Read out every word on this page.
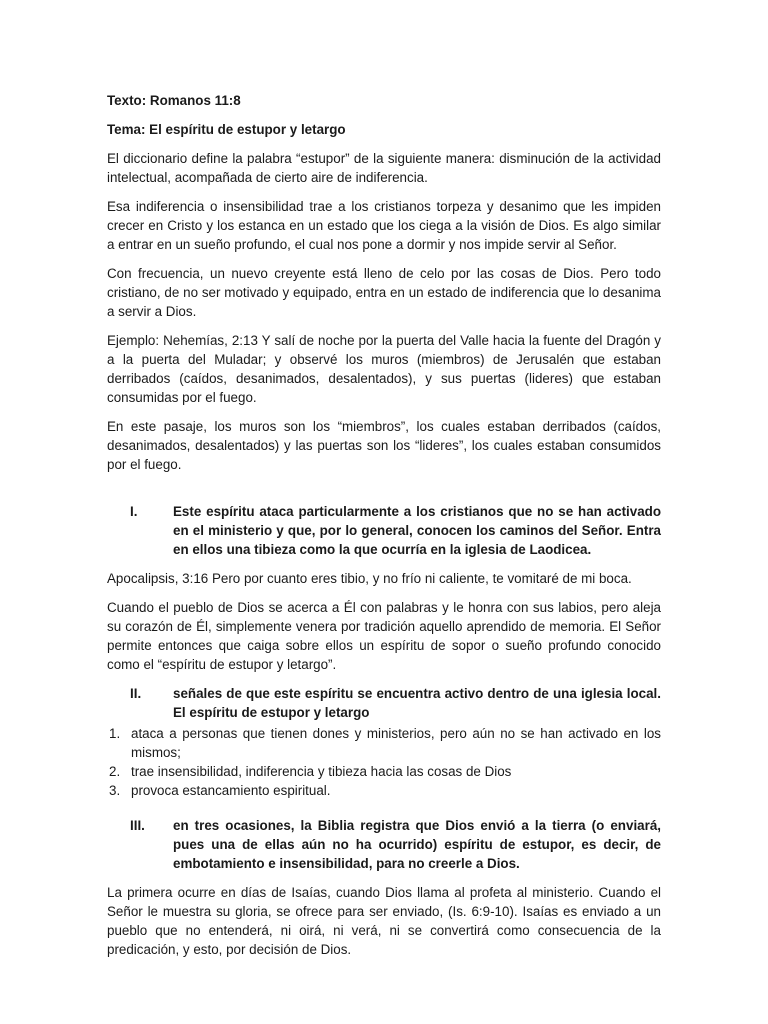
Texto: Romanos 11:8
Tema: El espíritu de estupor y letargo

El diccionario define la palabra “estupor” de la siguiente manera: disminución de la actividad intelectual, acompañada de cierto aire de indiferencia.

Esa indiferencia o insensibilidad trae a los cristianos torpeza y desanimo que les impiden crecer en Cristo y los estanca en un estado que los ciega a la visión de Dios. Es algo similar a entrar en un sueño profundo, el cual nos pone a dormir y nos impide servir al Señor.

Con frecuencia, un nuevo creyente está lleno de celo por las cosas de Dios. Pero todo cristiano, de no ser motivado y equipado, entra en un estado de indiferencia que lo desanima a servir a Dios.

Ejemplo: Nehemías, 2:13 Y salí de noche por la puerta del Valle hacia la fuente del Dragón y a la puerta del Muladar; y observé los muros (miembros) de Jerusalén que estaban derribados (caídos, desanimados, desalentados), y sus puertas (lideres) que estaban consumidas por el fuego.

En este pasaje, los muros son los “miembros”, los cuales estaban derribados (caídos, desanimados, desalentados) y las puertas son los “lideres”, los cuales estaban consumidos por el fuego.

I.	Este espíritu ataca particularmente a los cristianos que no se han activado en el ministerio y que, por lo general, conocen los caminos del Señor. Entra en ellos una tibieza como la que ocurría en la iglesia de Laodicea.

Apocalipsis, 3:16 Pero por cuanto eres tibio, y no frío ni caliente, te vomitaré de mi boca.

Cuando el pueblo de Dios se acerca a Él con palabras y le honra con sus labios, pero aleja su corazón de Él, simplemente venera por tradición aquello aprendido de memoria. El Señor permite entonces que caiga sobre ellos un espíritu de sopor o sueño profundo conocido como el “espíritu de estupor y letargo”.

II.	señales de que este espíritu se encuentra activo dentro de una iglesia local. El espíritu de estupor y letargo
1. ataca a personas que tienen dones y ministerios, pero aún no se han activado en los mismos;
2. trae insensibilidad, indiferencia y tibieza hacia las cosas de Dios
3. provoca estancamiento espiritual.
III.	en tres ocasiones, la Biblia registra que Dios envió a la tierra (o enviará, pues una de ellas aún no ha ocurrido) espíritu de estupor, es decir, de embotamiento e insensibilidad, para no creerle a Dios.

La primera ocurre en días de Isaías, cuando Dios llama al profeta al ministerio. Cuando el Señor le muestra su gloria, se ofrece para ser enviado, (Is. 6:9-10). Isaías es enviado a un pueblo que no entenderá, ni oirá, ni verá, ni se convertirá como consecuencia de la predicación, y esto, por decisión de Dios.
